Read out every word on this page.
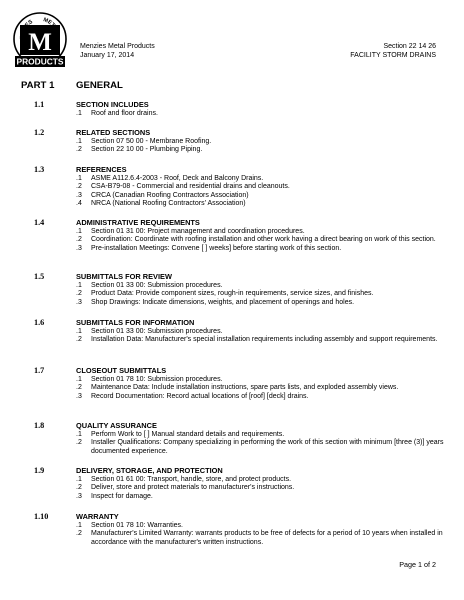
M
MENZIES METAL
PRODUCTS
Menzies Metal Products
January 17, 2014
Section 22 14 26
FACILITY STORM DRAINS
PART 1 GENERAL
1.1	SECTION INCLUDES
.1 Roof and floor drains.
1.2	RELATED SECTIONS
.1 Section 07 50 00 - Membrane Roofing.
.2 Section 22 10 00 - Plumbing Piping.
1.3	REFERENCES
.1 ASME A112.6.4-2003 - Roof, Deck and Balcony Drains.
.2 CSA-B79-08 - Commercial and residential drains and cleanouts.
.3 CRCA (Canadian Roofing Contractors Association)
.4 NRCA (National Roofing Contractors' Association)
1.4	ADMINISTRATIVE REQUIREMENTS
.1 Section 01 31 00: Project management and coordination procedures.
.2 Coordination: Coordinate with roofing installation and other work having a direct bearing on work of this section.
.3 Pre-installation Meetings: Convene [ ] weeks] before starting work of this section.
1.5	SUBMITTALS FOR REVIEW
.1 Section 01 33 00: Submission procedures.
.2 Product Data: Provide component sizes, rough-in requirements, service sizes, and finishes.
.3 Shop Drawings: Indicate dimensions, weights, and placement of openings and holes.
1.6	SUBMITTALS FOR INFORMATION
.1 Section 01 33 00: Submission procedures.
.2 Installation Data: Manufacturer's special installation requirements including assembly and support requirements.
1.7	CLOSEOUT SUBMITTALS
.1 Section 01 78 10: Submission procedures.
.2 Maintenance Data: Include installation instructions, spare parts lists, and exploded assembly views.
.3 Record Documentation: Record actual locations of [roof] [deck] drains.
1.8	QUALITY ASSURANCE
.1 Perform Work to [ ] Manual standard details and requirements.
.2 Installer Qualifications: Company specializing in performing the work of this section with minimum [three (3)] years documented experience.
1.9	DELIVERY, STORAGE, AND PROTECTION
.1 Section 01 61 00: Transport, handle, store, and protect products.
.2 Deliver, store and protect materials to manufacturer's instructions.
.3 Inspect for damage.
1.10	WARRANTY
.1 Section 01 78 10: Warranties.
.2 Manufacturer's Limited Warranty: warrants products to be free of defects for a period of 10 years when installed in accordance with the manufacturer's written instructions.
Page 1 of 2
